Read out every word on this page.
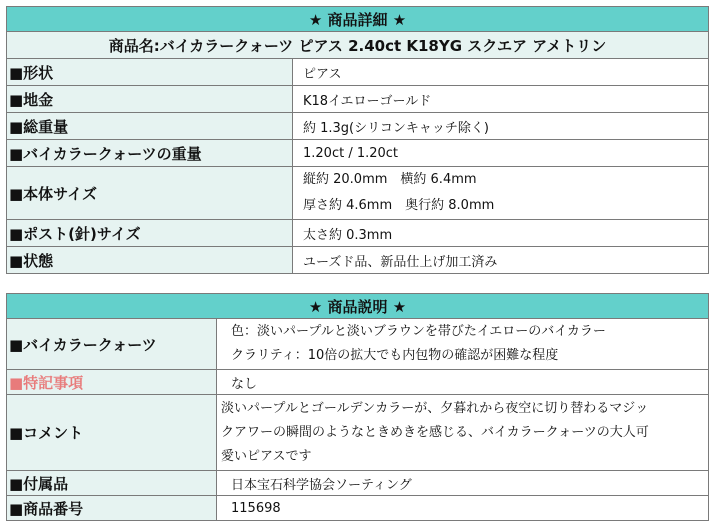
★ 商品詳細 ★	
商品名:バイカラークォーツ ピアス 2.40ct K18YG スクエア アメトリン	
■形状	ピアス
■地金	K18イエローゴールド
■総重量	約 1.3g(シリコンキャッチ除く)
■バイカラークォーツの重量	1.20ct / 1.20ct
■本体サイズ	縦約 20.0mm　横約 6.4mm
厚さ約 4.6mm　奥行約 8.0mm

■ポスト(針)サイズ	太さ約 0.3mm
■状態	ユーズド品、新品仕上げ加工済み
★ 商品説明 ★	
■バイカラークォーツ	色：淡いパープルと淡いブラウンを帯びたイエローのバイカラー
クラリティ：10倍の拡大でも内包物の確認が困難な程度

■特記事項	なし
■コメント	淡いパープルとゴールデンカラーが、夕暮れから夜空に切り替わるマジッ
クアワーの瞬間のようなときめきを感じる、バイカラークォーツの大人可
愛いピアスです

■付属品	日本宝石科学協会ソーティング
■商品番号	115698
